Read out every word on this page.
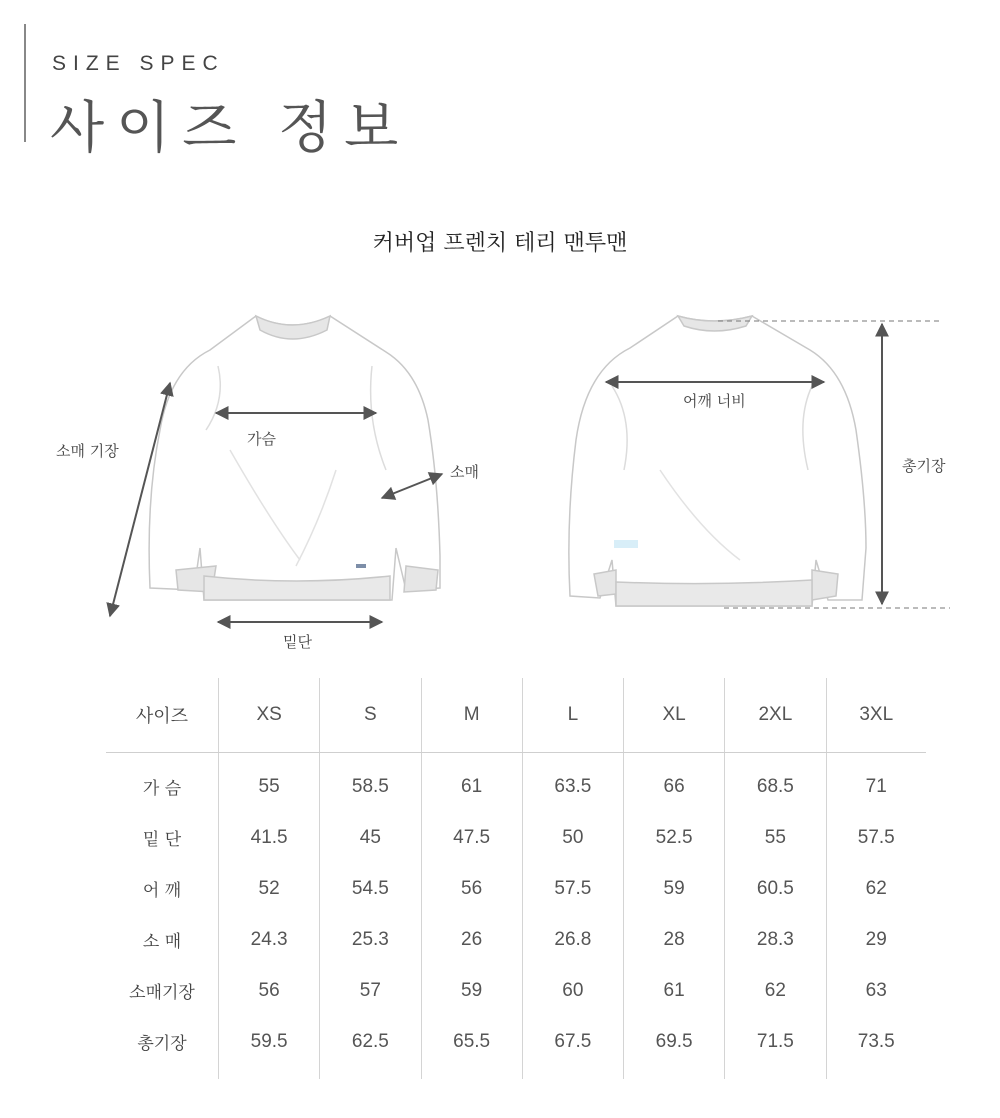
SIZE SPEC
사이즈 정보
커버업 프렌치 테리 맨투맨
가슴
밑단
소매
소매 기장
어깨 너비
총기장
사이즈	XS	S	M	L	XL	2XL	3XL
가 슴	55	58.5	61	63.5	66	68.5	71
밑 단	41.5	45	47.5	50	52.5	55	57.5
어 깨	52	54.5	56	57.5	59	60.5	62
소 매	24.3	25.3	26	26.8	28	28.3	29
소매기장	56	57	59	60	61	62	63
총기장	59.5	62.5	65.5	67.5	69.5	71.5	73.5
